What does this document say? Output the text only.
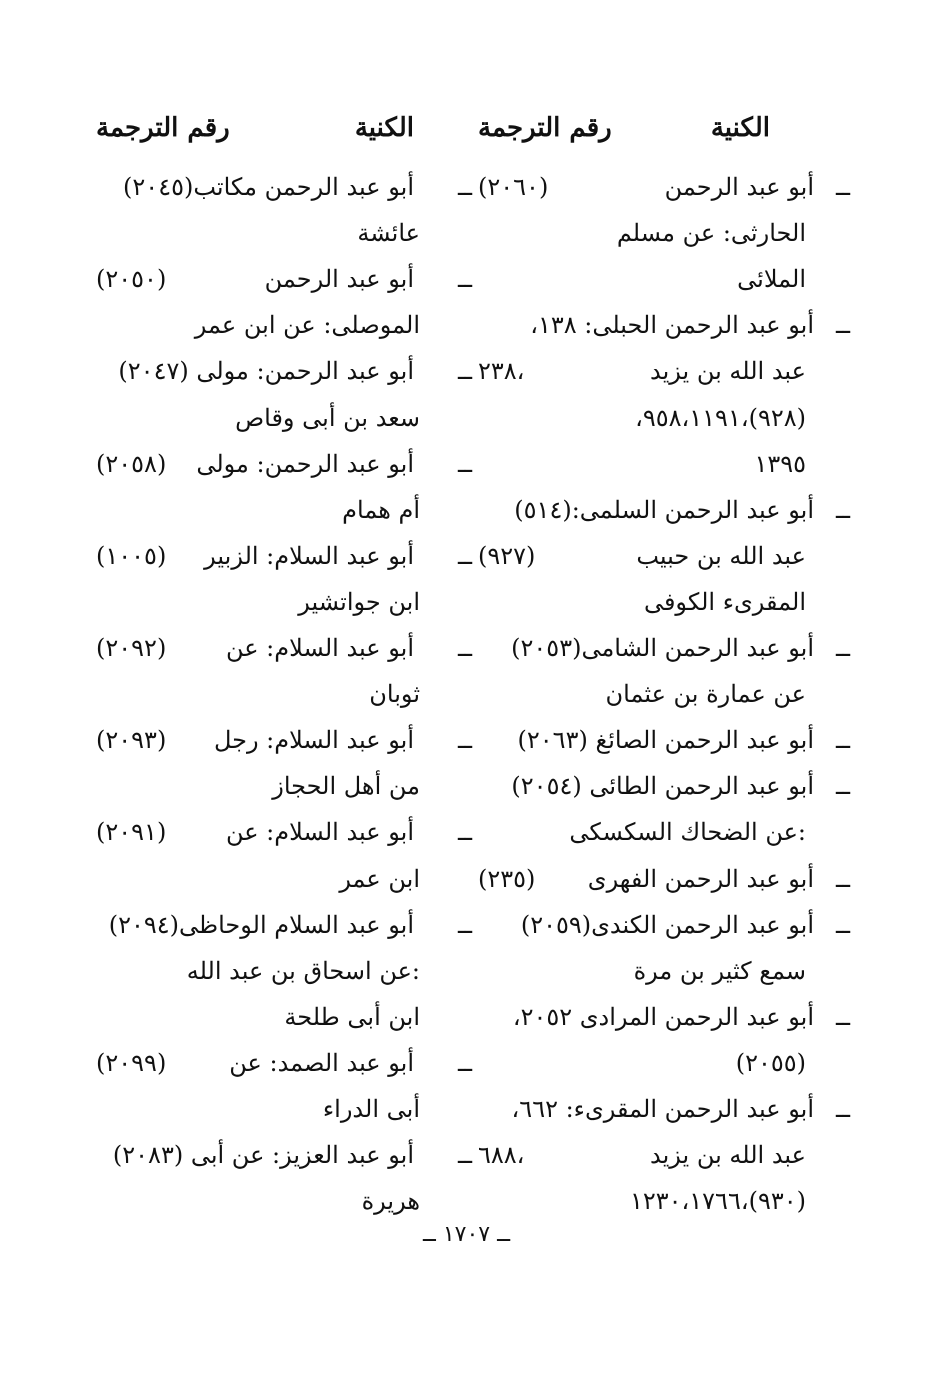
الكنية
رقم الترجمة
ــ
أبو عبد الرحمن
(٢٠٦٠)
الحارثى: عن مسلم
الملائى
ــ
أبو عبد الرحمن الحبلى: ١٣٨،
عبد الله بن يزيد
٢٣٨،
(٩٢٨)،٩٥٨،١١٩١،
١٣٩٥
ــ
أبو عبد الرحمن السلمى:(٥١٤)
عبد الله بن حبيب
(٩٢٧)
المقرىء الكوفى
ــ
أبو عبد الرحمن الشامى(٢٠٥٣)
عن عمارة بن عثمان
ــ
أبو عبد الرحمن الصائغ (٢٠٦٣)
ــ
أبو عبد الرحمن الطائى (٢٠٥٤)
:عن الضحاك السكسكى
ــ
أبو عبد الرحمن الفهرى
(٢٣٥)
ــ
أبو عبد الرحمن الكندى(٢٠٥٩)
سمع كثير بن مرة
ــ
أبو عبد الرحمن المرادى ٢٠٥٢،
(٢٠٥٥)
ــ
أبو عبد الرحمن المقرىء: ٦٦٢،
عبد الله بن يزيد
٦٨٨،
(٩٣٠)،١٢٣٠،١٧٦٦
الكنية
رقم الترجمة
ــ
أبو عبد الرحمن مكاتب(٢٠٤٥)
عائشة
ــ
أبو عبد الرحمن
(٢٠٥٠)
الموصلى: عن ابن عمر
ــ
أبو عبد الرحمن: مولى (٢٠٤٧)
سعد بن أبى وقاص
ــ
أبو عبد الرحمن: مولى
(٢٠٥٨)
أم همام
ــ
أبو عبد السلام: الزبير
(١٠٠٥)
ابن جواتشير
ــ
أبو عبد السلام: عن
(٢٠٩٢)
ثوبان
ــ
أبو عبد السلام: رجل
(٢٠٩٣)
من أهل الحجاز
ــ
أبو عبد السلام: عن
(٢٠٩١)
ابن عمر
ــ
أبو عبد السلام الوحاظى(٢٠٩٤)
:عن اسحاق بن عبد الله
ابن أبى طلحة
ــ
أبو عبد الصمد: عن
(٢٠٩٩)
أبى الدراء
ــ
أبو عبد العزيز: عن أبى (٢٠٨٣)
هريرة
ــ ١٧٠٧ ــ
